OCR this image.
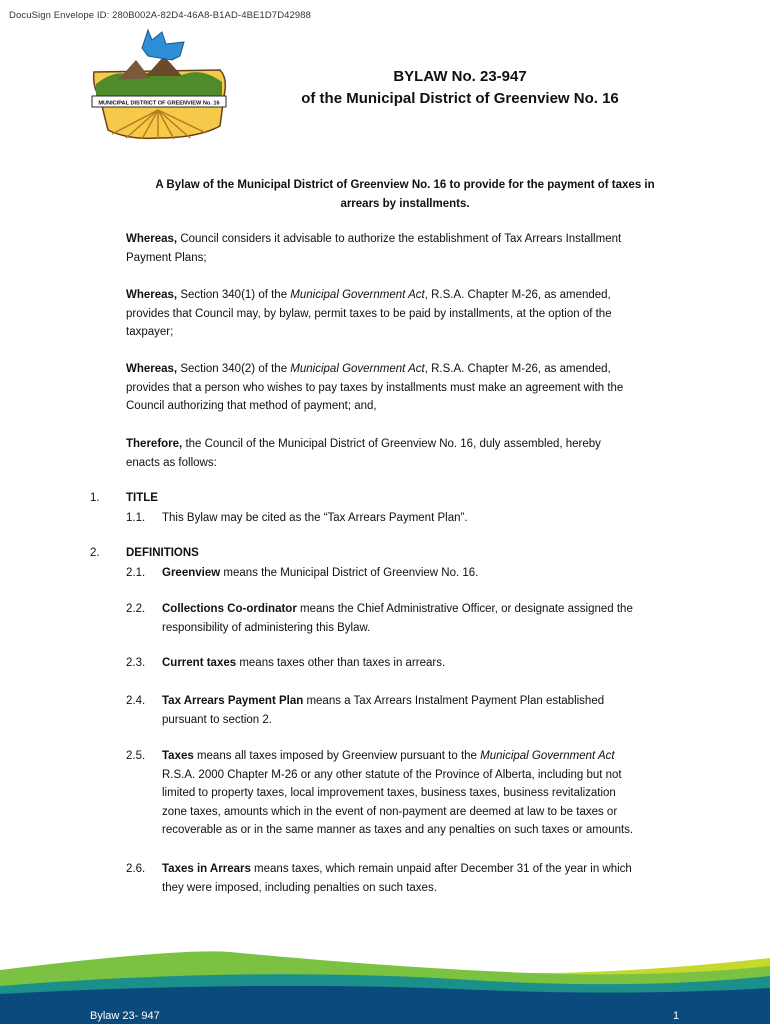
DocuSign Envelope ID: 280B002A-82D4-46A8-B1AD-4BE1D7D42988
MUNICIPAL DISTRICT OF GREENVIEW No. 16
BYLAW No. 23-947
of the Municipal District of Greenview No. 16
A Bylaw of the Municipal District of Greenview No. 16 to provide for the payment of taxes in
arrears by installments.
Whereas, Council considers it advisable to authorize the establishment of Tax Arrears Installment
Payment Plans;
Whereas, Section 340(1) of the Municipal Government Act, R.S.A. Chapter M-26, as amended,
provides that Council may, by bylaw, permit taxes to be paid by installments, at the option of the
taxpayer;
Whereas, Section 340(2) of the Municipal Government Act, R.S.A. Chapter M-26, as amended,
provides that a person who wishes to pay taxes by installments must make an agreement with the
Council authorizing that method of payment; and,
Therefore, the Council of the Municipal District of Greenview No. 16, duly assembled, hereby
enacts as follows:
1. TITLE
1.1. This Bylaw may be cited as the “Tax Arrears Payment Plan”.
2. DEFINITIONS
2.1. Greenview means the Municipal District of Greenview No. 16.
2.2. Collections Co-ordinator means the Chief Administrative Officer, or designate assigned the
responsibility of administering this Bylaw.
2.3. Current taxes means taxes other than taxes in arrears.
2.4. Tax Arrears Payment Plan means a Tax Arrears Instalment Payment Plan established
pursuant to section 2.
2.5. Taxes means all taxes imposed by Greenview pursuant to the Municipal Government Act
R.S.A. 2000 Chapter M-26 or any other statute of the Province of Alberta, including but not
limited to property taxes, local improvement taxes, business taxes, business revitalization
zone taxes, amounts which in the event of non-payment are deemed at law to be taxes or
recoverable as or in the same manner as taxes and any penalties on such taxes or amounts.
2.6. Taxes in Arrears means taxes, which remain unpaid after December 31 of the year in which
they were imposed, including penalties on such taxes.
Bylaw 23- 947	1
